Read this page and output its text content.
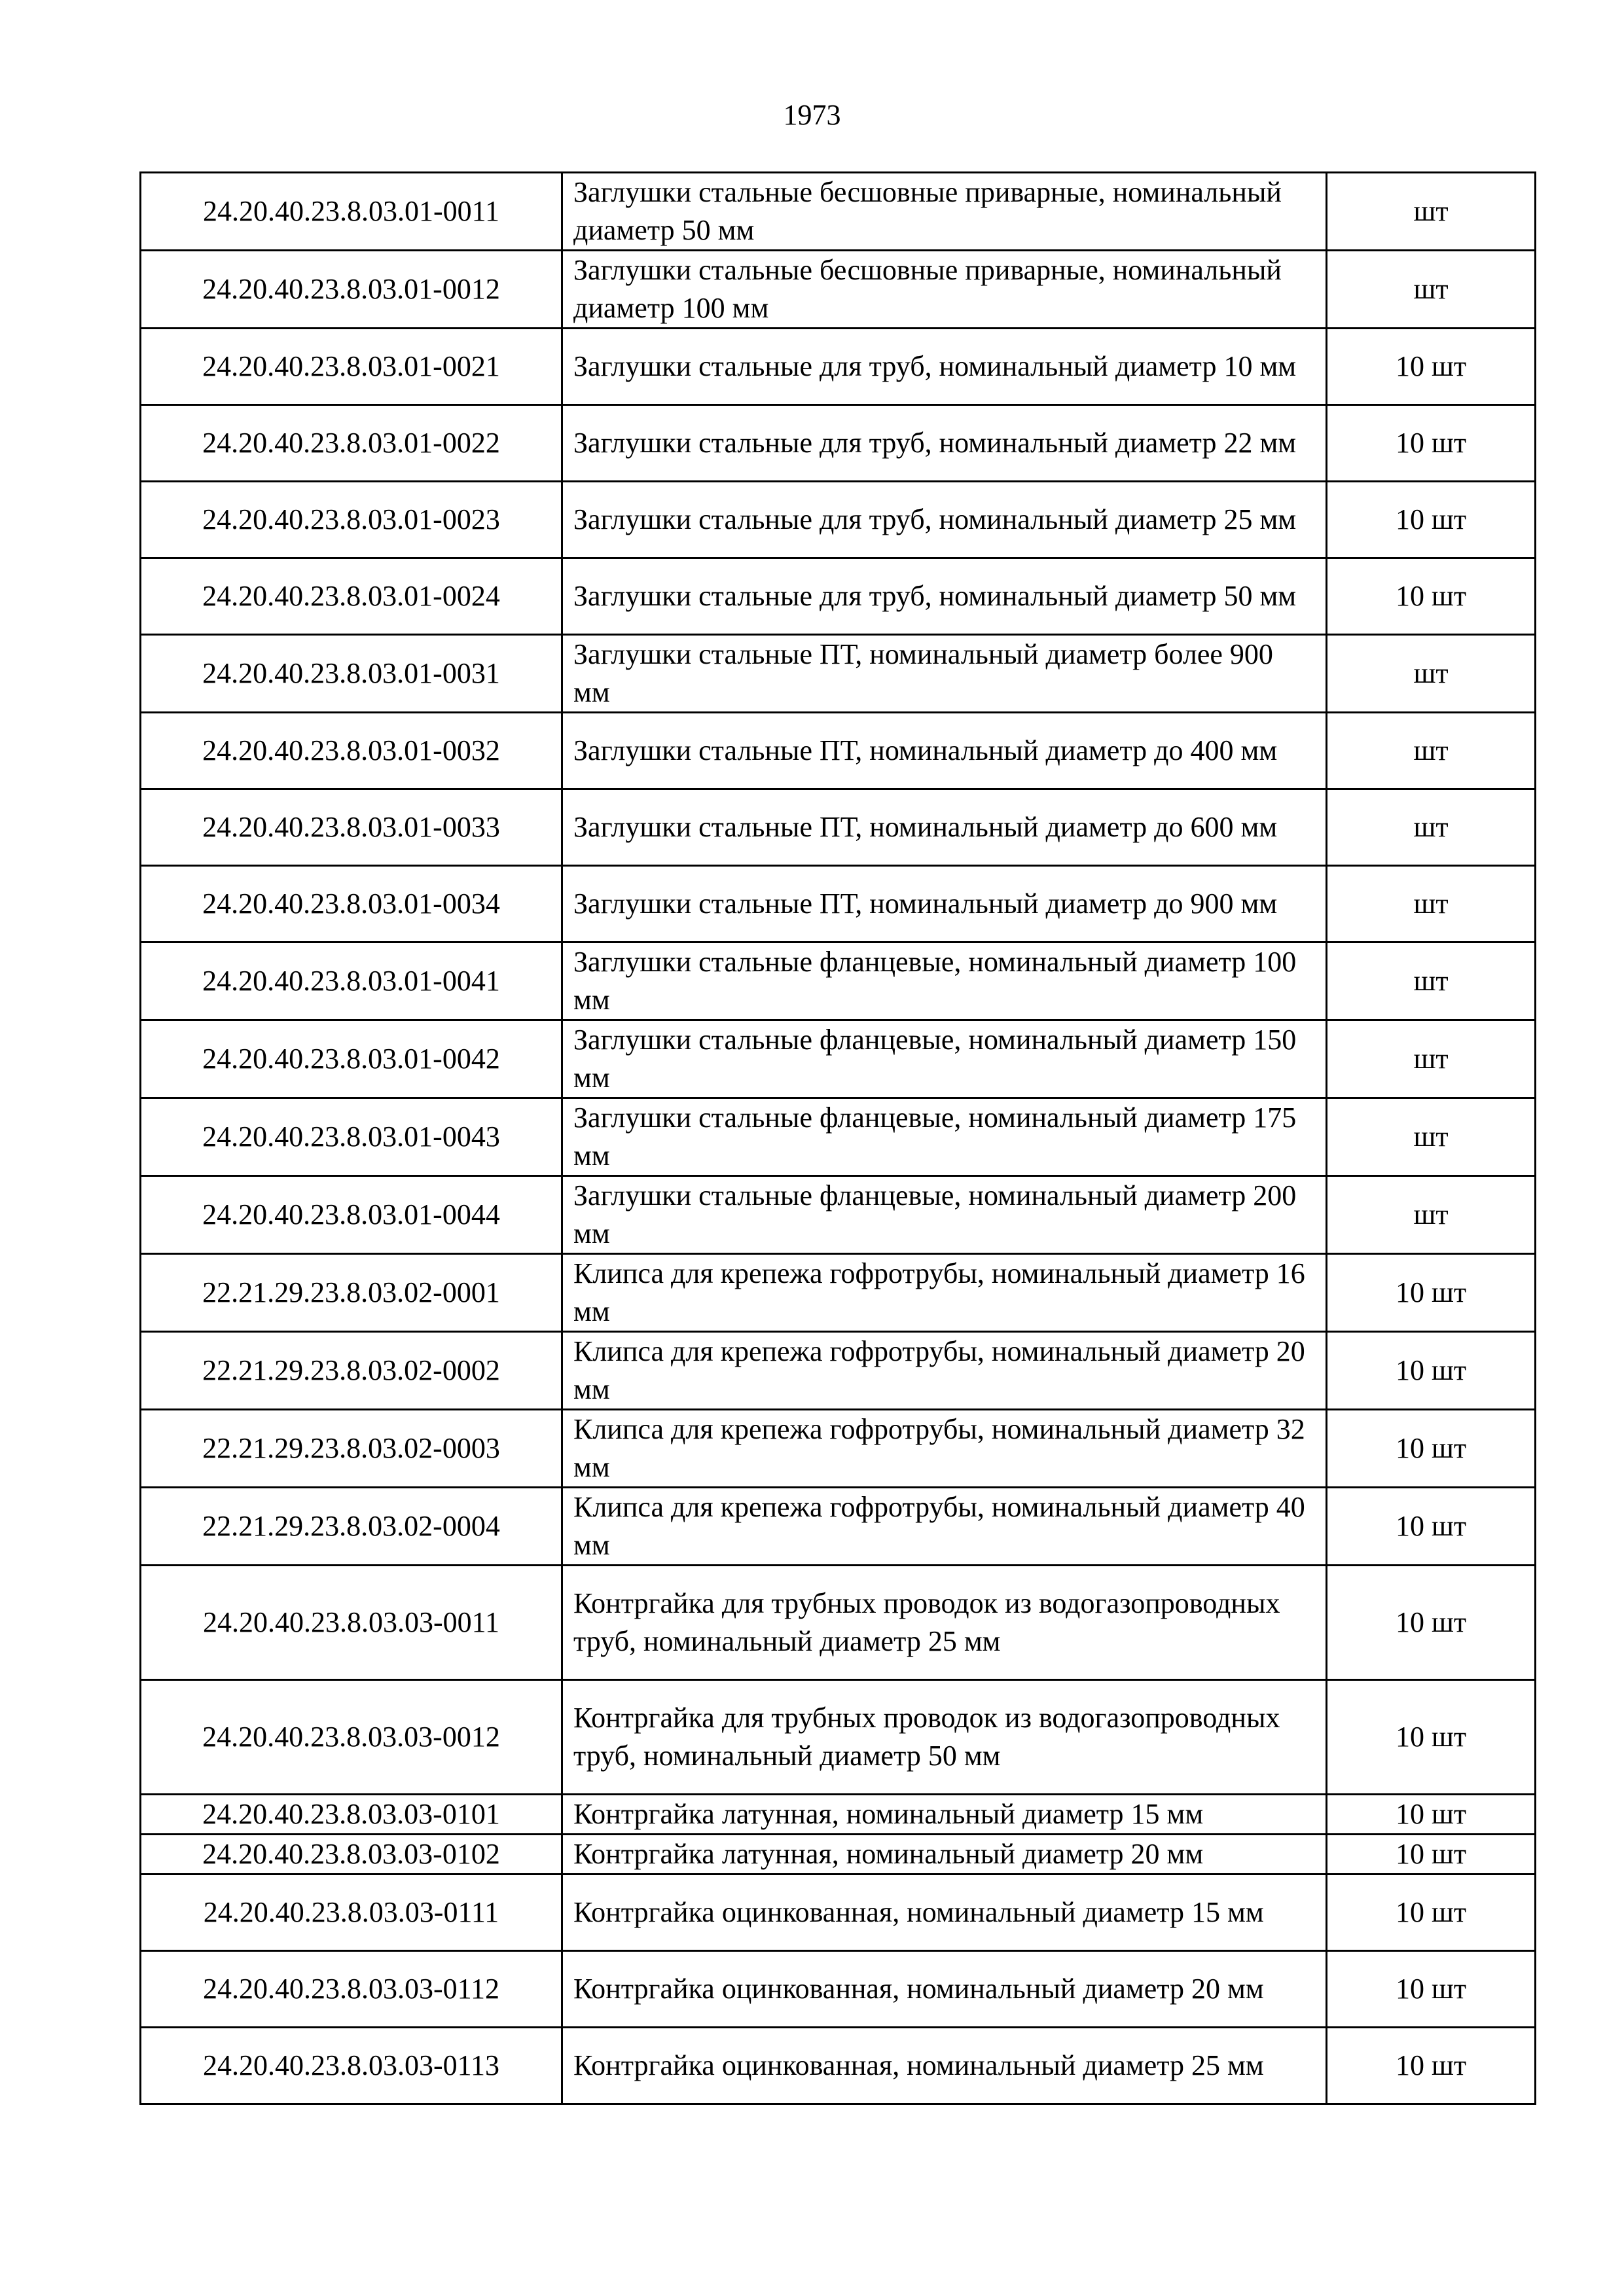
1973
24.20.40.23.8.03.01-0011	Заглушки стальные бесшовные приварные, номинальный диаметр 50 мм	шт
24.20.40.23.8.03.01-0012	Заглушки стальные бесшовные приварные, номинальный диаметр 100 мм	шт
24.20.40.23.8.03.01-0021	Заглушки стальные для труб, номинальный диаметр 10 мм	10 шт
24.20.40.23.8.03.01-0022	Заглушки стальные для труб, номинальный диаметр 22 мм	10 шт
24.20.40.23.8.03.01-0023	Заглушки стальные для труб, номинальный диаметр 25 мм	10 шт
24.20.40.23.8.03.01-0024	Заглушки стальные для труб, номинальный диаметр 50 мм	10 шт
24.20.40.23.8.03.01-0031	Заглушки стальные ПТ, номинальный диаметр более 900 мм	шт
24.20.40.23.8.03.01-0032	Заглушки стальные ПТ, номинальный диаметр до 400 мм	шт
24.20.40.23.8.03.01-0033	Заглушки стальные ПТ, номинальный диаметр до 600 мм	шт
24.20.40.23.8.03.01-0034	Заглушки стальные ПТ, номинальный диаметр до 900 мм	шт
24.20.40.23.8.03.01-0041	Заглушки стальные фланцевые, номинальный диаметр 100 мм	шт
24.20.40.23.8.03.01-0042	Заглушки стальные фланцевые, номинальный диаметр 150 мм	шт
24.20.40.23.8.03.01-0043	Заглушки стальные фланцевые, номинальный диаметр 175 мм	шт
24.20.40.23.8.03.01-0044	Заглушки стальные фланцевые, номинальный диаметр 200 мм	шт
22.21.29.23.8.03.02-0001	Клипса для крепежа гофротрубы, номинальный диаметр 16 мм	10 шт
22.21.29.23.8.03.02-0002	Клипса для крепежа гофротрубы, номинальный диаметр 20 мм	10 шт
22.21.29.23.8.03.02-0003	Клипса для крепежа гофротрубы, номинальный диаметр 32 мм	10 шт
22.21.29.23.8.03.02-0004	Клипса для крепежа гофротрубы, номинальный диаметр 40 мм	10 шт
24.20.40.23.8.03.03-0011	Контргайка для трубных проводок из водогазопроводных труб, номинальный диаметр 25 мм	10 шт
24.20.40.23.8.03.03-0012	Контргайка для трубных проводок из водогазопроводных труб, номинальный диаметр 50 мм	10 шт
24.20.40.23.8.03.03-0101	Контргайка латунная, номинальный диаметр 15 мм	10 шт
24.20.40.23.8.03.03-0102	Контргайка латунная, номинальный диаметр 20 мм	10 шт
24.20.40.23.8.03.03-0111	Контргайка оцинкованная, номинальный диаметр 15 мм	10 шт
24.20.40.23.8.03.03-0112	Контргайка оцинкованная, номинальный диаметр 20 мм	10 шт
24.20.40.23.8.03.03-0113	Контргайка оцинкованная, номинальный диаметр 25 мм	10 шт
